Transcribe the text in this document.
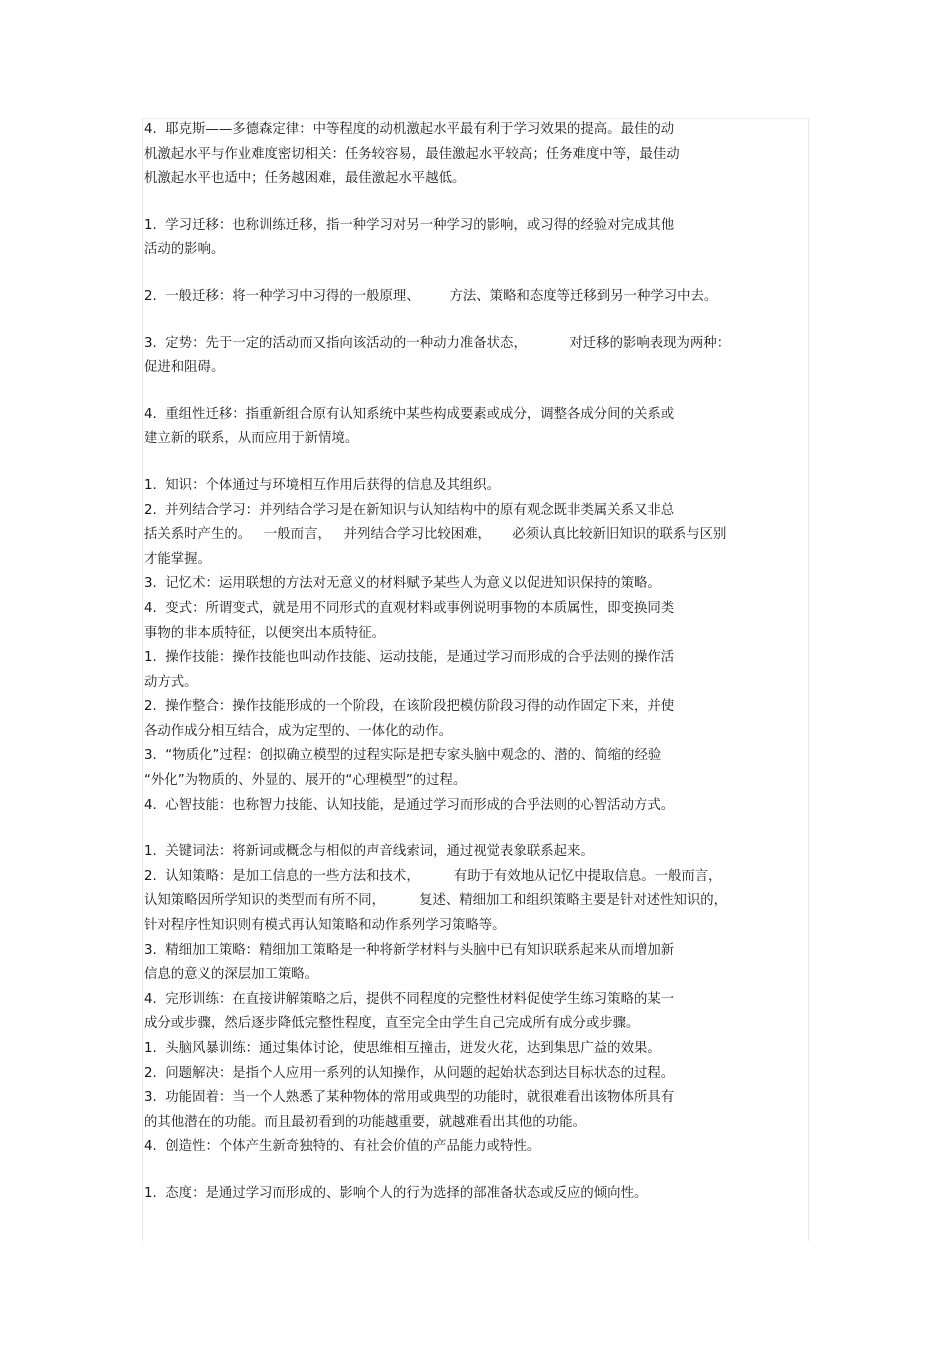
4.  耶克斯——多德森定律：中等程度的动机激起水平最有利于学习效果的提高。最佳的动
机激起水平与作业难度密切相关：任务较容易，最佳激起水平较高；任务难度中等，最佳动
机激起水平也适中；任务越困难，最佳激起水平越低。
1.  学习迁移：也称训练迁移，指一种学习对另一种学习的影响，或习得的经验对完成其他
活动的影响。
2.  一般迁移：将一种学习中习得的一般原理、       方法、策略和态度等迁移到另一种学习中去。
3.  定势：先于一定的活动而又指向该活动的一种动力准备状态，          对迁移的影响表现为两种：
促进和阻碍。
4.  重组性迁移：指重新组合原有认知系统中某些构成要素或成分，调整各成分间的关系或
建立新的联系，从而应用于新情境。
1.  知识：个体通过与环境相互作用后获得的信息及其组织。
2.  并列结合学习：并列结合学习是在新知识与认知结构中的原有观念既非类属关系又非总
括关系时产生的。   一般而言，   并列结合学习比较困难，     必须认真比较新旧知识的联系与区别
才能掌握。
3.  记忆术：运用联想的方法对无意义的材料赋予某些人为意义以促进知识保持的策略。
4.  变式：所谓变式，就是用不同形式的直观材料或事例说明事物的本质属性，即变换同类
事物的非本质特征，以便突出本质特征。
1.  操作技能：操作技能也叫动作技能、运动技能，是通过学习而形成的合乎法则的操作活
动方式。
2.  操作整合：操作技能形成的一个阶段，在该阶段把模仿阶段习得的动作固定下来，并使
各动作成分相互结合，成为定型的、一体化的动作。
3.  “物质化”过程：创拟确立模型的过程实际是把专家头脑中观念的、潜的、简缩的经验
“外化”为物质的、外显的、展开的“心理模型”的过程。
4.  心智技能：也称智力技能、认知技能，是通过学习而形成的合乎法则的心智活动方式。
1.  关键词法：将新词或概念与相似的声音线索词，通过视觉表象联系起来。
2.  认知策略：是加工信息的一些方法和技术，        有助于有效地从记忆中提取信息。一般而言，
认知策略因所学知识的类型而有所不同，        复述、精细加工和组织策略主要是针对述性知识的，
针对程序性知识则有模式再认知策略和动作系列学习策略等。
3.  精细加工策略：精细加工策略是一种将新学材料与头脑中已有知识联系起来从而增加新
信息的意义的深层加工策略。
4.  完形训练：在直接讲解策略之后，提供不同程度的完整性材料促使学生练习策略的某一
成分或步骤，然后逐步降低完整性程度，直至完全由学生自己完成所有成分或步骤。
1.  头脑风暴训练：通过集体讨论，使思维相互撞击，迸发火花，达到集思广益的效果。
2.  问题解决：是指个人应用一系列的认知操作，从问题的起始状态到达目标状态的过程。
3.  功能固着：当一个人熟悉了某种物体的常用或典型的功能时，就很难看出该物体所具有
的其他潜在的功能。而且最初看到的功能越重要，就越难看出其他的功能。
4.  创造性：个体产生新奇独特的、有社会价值的产品能力或特性。
1.  态度：是通过学习而形成的、影响个人的行为选择的部准备状态或反应的倾向性。
